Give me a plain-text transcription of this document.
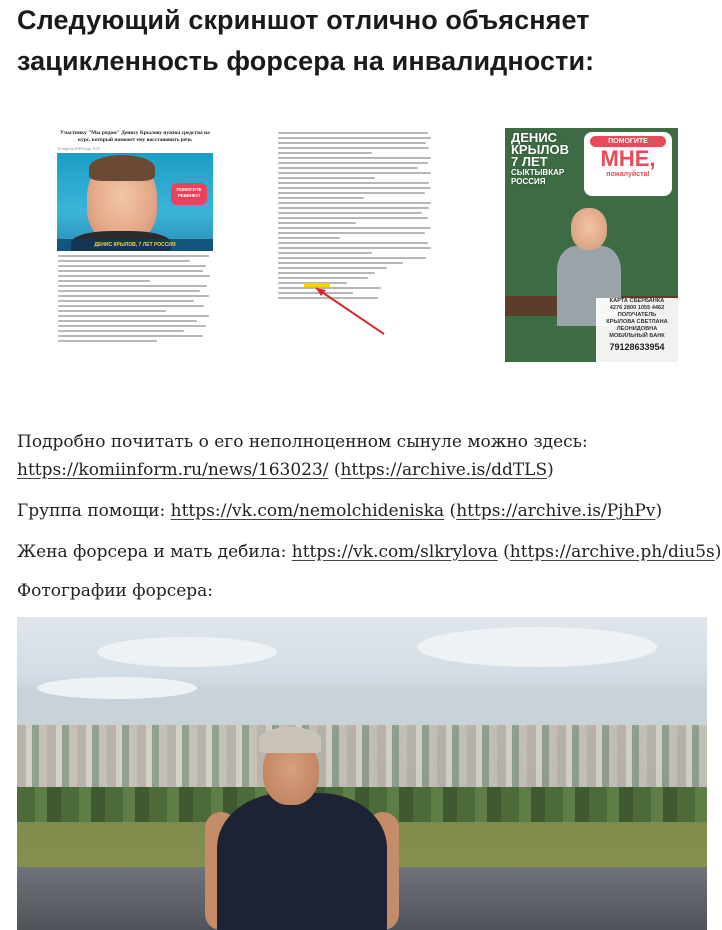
Следующий скриншот отлично объясняет
зацикленность форсера на инвалидности:
Участнику "Мы рядом" Денису Крылову нужны средства на курс, который поможет ему восстановить речь
19 апреля 2018 года, 8:15
ПОМОГИТЕ РЕБЕНКУ!
ДЕНИС КРЫЛОВ, 7 ЛЕТ РОССИЯ
ДЕНИС КРЫЛОВ
7 ЛЕТ
СЫКТЫВКАР
РОССИЯ
ПОМОГИТЕ
МНЕ,
пожалуйста!
КАРТА СБЕРБАНКА
4276 2800 1055 4462
ПОЛУЧАТЕЛЬ
КРЫЛОВА СВЕТЛАНА
ЛЕОНИДОВНА
МОБИЛЬНЫЙ БАНК
79128633954

Подробно почитать о его неполноценном сынуле можно здесь:
https://komiinform.ru/news/163023/ (https://archive.is/ddTLS)

Группа помощи: https://vk.com/nemolchideniska (https://archive.is/PjhPv)

Жена форсера и мать дебила: https://vk.com/slkrylova (https://archive.ph/diu5s)

Фотографии форсера:
